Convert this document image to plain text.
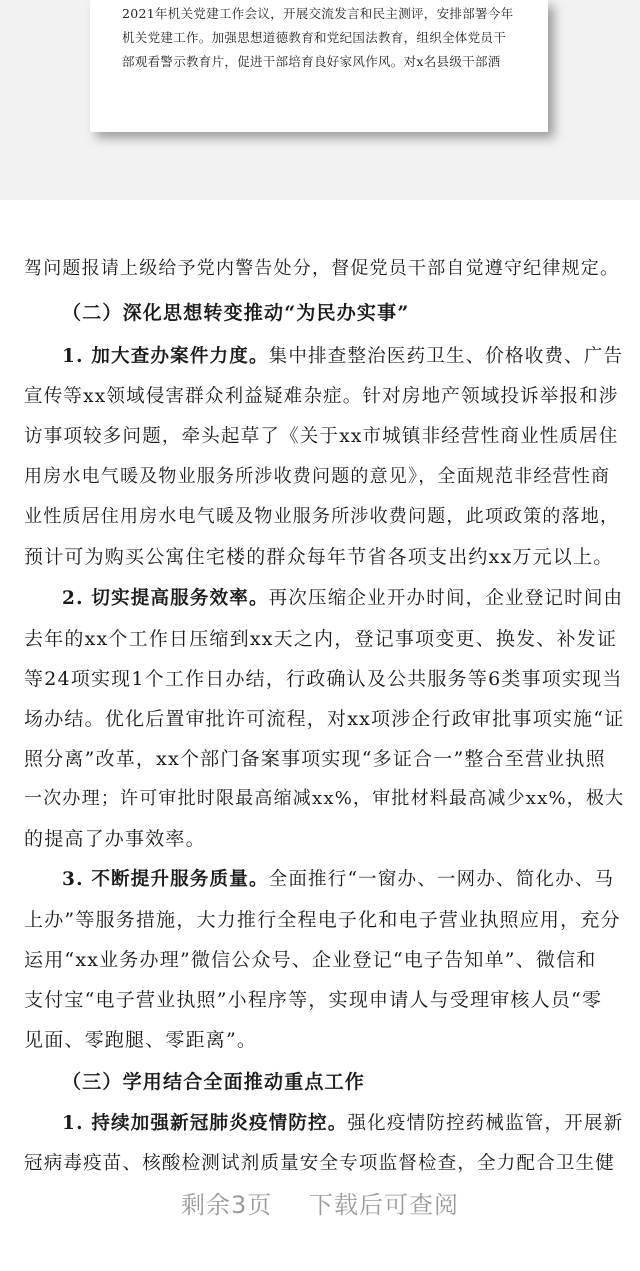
2021年机关党建工作会议，开展交流发言和民主测评，安排部署今年

机关党建工作。加强思想道德教育和党纪国法教育，组织全体党员干

部观看警示教育片，促进干部培育良好家风作风。对x名县级干部酒

驾问题报请上级给予党内警告处分，督促党员干部自觉遵守纪律规定。
（二）深化思想转变推动“为民办实事”
1. 加大查办案件力度。集中排查整治医药卫生、价格收费、广告
宣传等xx领域侵害群众利益疑难杂症。针对房地产领域投诉举报和涉
访事项较多问题，牵头起草了《关于xx市城镇非经营性商业性质居住
用房水电气暖及物业服务所涉收费问题的意见》，全面规范非经营性商
业性质居住用房水电气暖及物业服务所涉收费问题，此项政策的落地，
预计可为购买公寓住宅楼的群众每年节省各项支出约xx万元以上。
2. 切实提高服务效率。再次压缩企业开办时间，企业登记时间由
去年的xx个工作日压缩到xx天之内，登记事项变更、换发、补发证
等24项实现1个工作日办结，行政确认及公共服务等6类事项实现当
场办结。优化后置审批许可流程，对xx项涉企行政审批事项实施“证
照分离”改革，xx个部门备案事项实现“多证合一”整合至营业执照
一次办理；许可审批时限最高缩减xx%，审批材料最高减少xx%，极大
的提高了办事效率。
3. 不断提升服务质量。全面推行“一窗办、一网办、简化办、马
上办”等服务措施，大力推行全程电子化和电子营业执照应用，充分
运用“xx业务办理”微信公众号、企业登记“电子告知单”、微信和
支付宝“电子营业执照”小程序等，实现申请人与受理审核人员“零
见面、零跑腿、零距离”。
（三）学用结合全面推动重点工作
1. 持续加强新冠肺炎疫情防控。强化疫情防控药械监管，开展新
冠病毒疫苗、核酸检测试剂质量安全专项监督检查，全力配合卫生健
剩余3页 下载后可查阅
